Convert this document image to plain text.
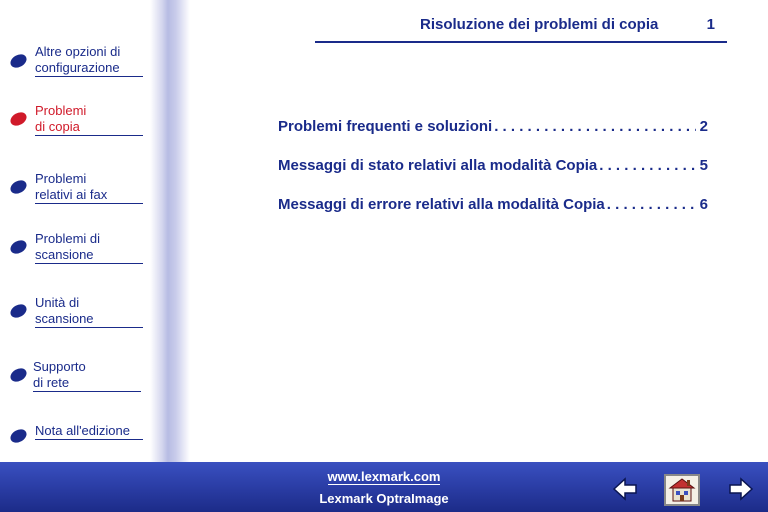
Altre opzioni di
configurazione
Problemi
di copia
Problemi
relativi ai fax
Problemi di
scansione
Unità di
scansione
Supporto
di rete
Nota all'edizione
Risoluzione dei problemi di copia	1
Problemi frequenti e soluzioni . . .	2
Messaggi di stato relativi alla modalità Copia . . .	5
Messaggi di errore relativi alla modalità Copia . . .	6
www.lexmark.com
Lexmark OptraImage
